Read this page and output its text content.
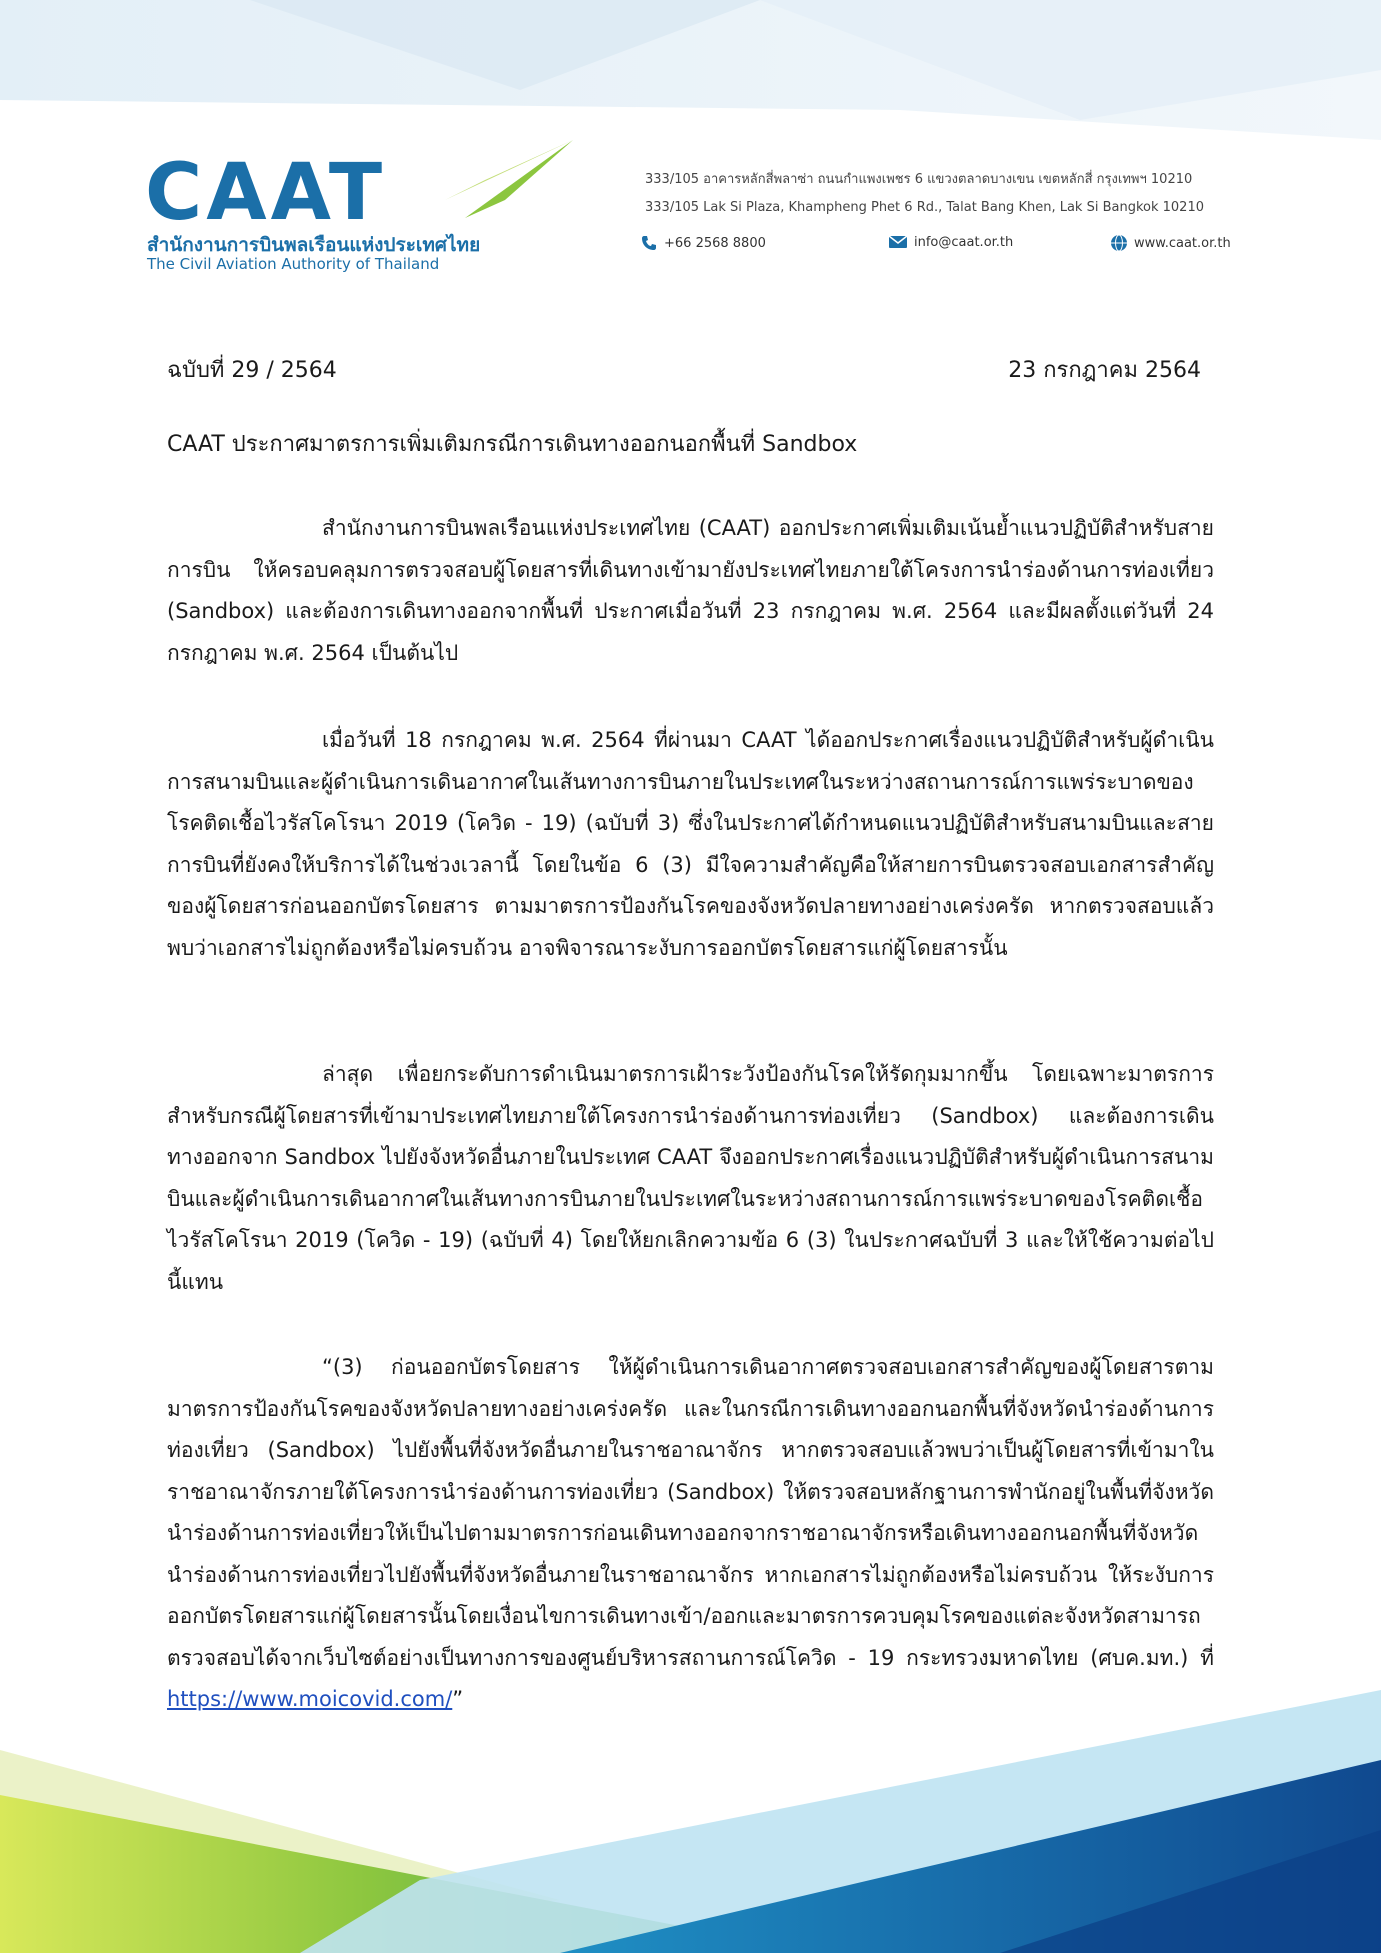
CAAT
สำนักงานการบินพลเรือนแห่งประเทศไทย
The Civil Aviation Authority of Thailand
333/105 อาคารหลักสี่พลาซ่า ถนนกำแพงเพชร 6 แขวงตลาดบางเขน เขตหลักสี่ กรุงเทพฯ 10210
333/105 Lak Si Plaza, Khampheng Phet 6 Rd., Talat Bang Khen, Lak Si Bangkok 10210
+66 2568 8800	info@caat.or.th	www.caat.or.th
ฉบับที่ 29 / 2564	23 กรกฎาคม 2564
CAAT ประกาศมาตรการเพิ่มเติมกรณีการเดินทางออกนอกพื้นที่ Sandbox
สำนักงานการบินพลเรือนแห่งประเทศไทย (CAAT) ออกประกาศเพิ่มเติมเน้นย้ำแนวปฏิบัติสำหรับสายการบิน ให้ครอบคลุมการตรวจสอบผู้โดยสารที่เดินทางเข้ามายังประเทศไทยภายใต้โครงการนำร่องด้านการท่องเที่ยว (Sandbox) และต้องการเดินทางออกจากพื้นที่ ประกาศเมื่อวันที่ 23 กรกฎาคม พ.ศ. 2564 และมีผลตั้งแต่วันที่ 24 กรกฎาคม พ.ศ. 2564 เป็นต้นไป
เมื่อวันที่ 18 กรกฎาคม พ.ศ. 2564 ที่ผ่านมา CAAT ได้ออกประกาศเรื่องแนวปฏิบัติสำหรับผู้ดำเนินการสนามบินและผู้ดำเนินการเดินอากาศในเส้นทางการบินภายในประเทศในระหว่างสถานการณ์การแพร่ระบาดของโรคติดเชื้อไวรัสโคโรนา 2019 (โควิด - 19) (ฉบับที่ 3) ซึ่งในประกาศได้กำหนดแนวปฏิบัติสำหรับสนามบินและสายการบินที่ยังคงให้บริการได้ในช่วงเวลานี้ โดยในข้อ 6 (3) มีใจความสำคัญคือให้สายการบินตรวจสอบเอกสารสำคัญของผู้โดยสารก่อนออกบัตรโดยสาร ตามมาตรการป้องกันโรคของจังหวัดปลายทางอย่างเคร่งครัด หากตรวจสอบแล้วพบว่าเอกสารไม่ถูกต้องหรือไม่ครบถ้วน อาจพิจารณาระงับการออกบัตรโดยสารแก่ผู้โดยสารนั้น
ล่าสุด เพื่อยกระดับการดำเนินมาตรการเฝ้าระวังป้องกันโรคให้รัดกุมมากขึ้น โดยเฉพาะมาตรการสำหรับกรณีผู้โดยสารที่เข้ามาประเทศไทยภายใต้โครงการนำร่องด้านการท่องเที่ยว (Sandbox) และต้องการเดินทางออกจาก Sandbox ไปยังจังหวัดอื่นภายในประเทศ CAAT จึงออกประกาศเรื่องแนวปฏิบัติสำหรับผู้ดำเนินการสนามบินและผู้ดำเนินการเดินอากาศในเส้นทางการบินภายในประเทศในระหว่างสถานการณ์การแพร่ระบาดของโรคติดเชื้อไวรัสโคโรนา 2019 (โควิด - 19) (ฉบับที่ 4) โดยให้ยกเลิกความข้อ 6 (3) ในประกาศฉบับที่ 3 และให้ใช้ความต่อไปนี้แทน
“(3) ก่อนออกบัตรโดยสาร ให้ผู้ดำเนินการเดินอากาศตรวจสอบเอกสารสำคัญของผู้โดยสารตามมาตรการป้องกันโรคของจังหวัดปลายทางอย่างเคร่งครัด และในกรณีการเดินทางออกนอกพื้นที่จังหวัดนำร่องด้านการท่องเที่ยว (Sandbox) ไปยังพื้นที่จังหวัดอื่นภายในราชอาณาจักร หากตรวจสอบแล้วพบว่าเป็นผู้โดยสารที่เข้ามาในราชอาณาจักรภายใต้โครงการนำร่องด้านการท่องเที่ยว (Sandbox) ให้ตรวจสอบหลักฐานการพำนักอยู่ในพื้นที่จังหวัดนำร่องด้านการท่องเที่ยวให้เป็นไปตามมาตรการก่อนเดินทางออกจากราชอาณาจักรหรือเดินทางออกนอกพื้นที่จังหวัดนำร่องด้านการท่องเที่ยวไปยังพื้นที่จังหวัดอื่นภายในราชอาณาจักร หากเอกสารไม่ถูกต้องหรือไม่ครบถ้วน ให้ระงับการออกบัตรโดยสารแก่ผู้โดยสารนั้นโดยเงื่อนไขการเดินทางเข้า/ออกและมาตรการควบคุมโรคของแต่ละจังหวัดสามารถตรวจสอบได้จากเว็บไซต์อย่างเป็นทางการของศูนย์บริหารสถานการณ์โควิด - 19 กระทรวงมหาดไทย (ศบค.มท.) ที่ https://www.moicovid.com/”
